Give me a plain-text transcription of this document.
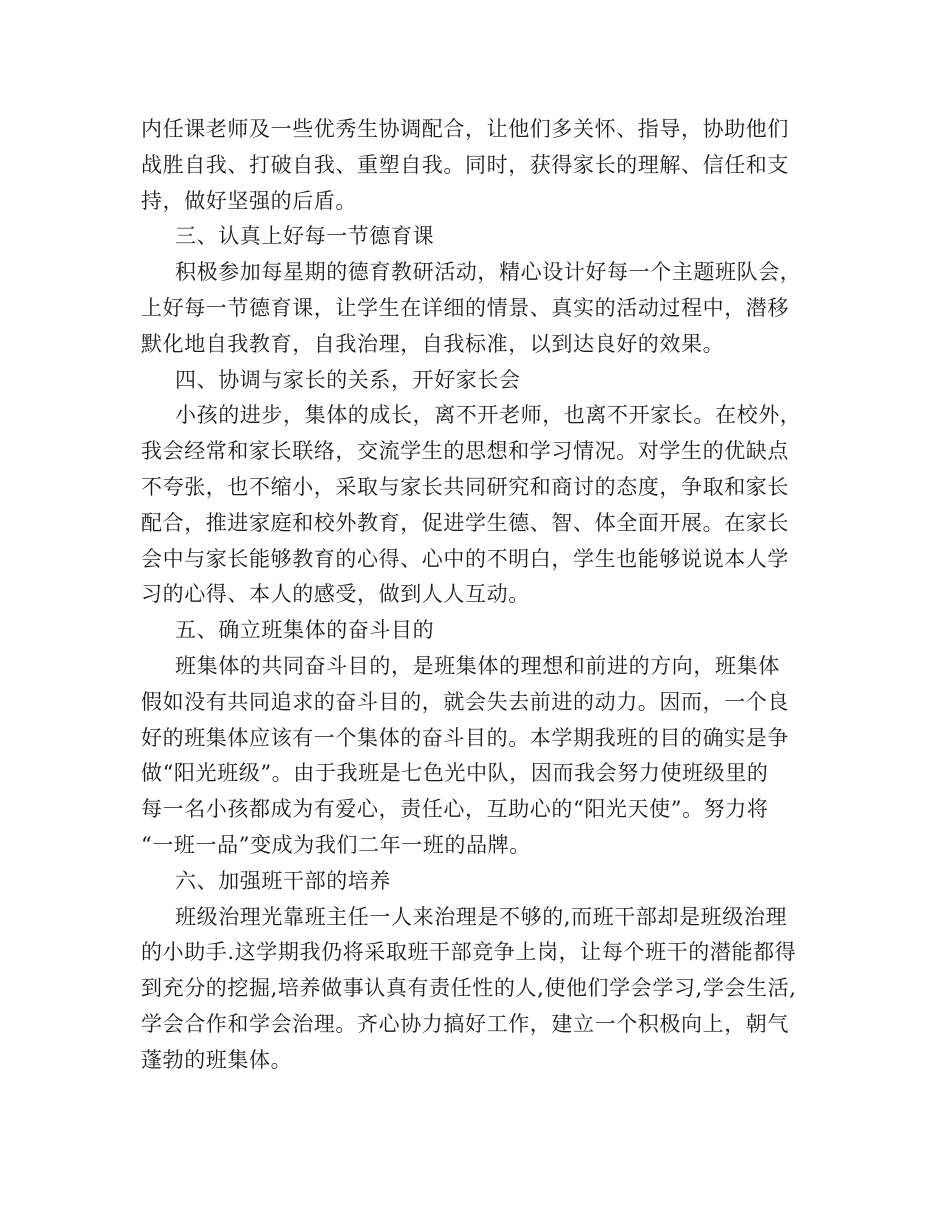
内任课老师及一些优秀生协调配合，让他们多关怀、指导，协助他们
战胜自我、打破自我、重塑自我。同时，获得家长的理解、信任和支
持，做好坚强的后盾。
三、认真上好每一节德育课
积极参加每星期的德育教研活动，精心设计好每一个主题班队会，
上好每一节德育课，让学生在详细的情景、真实的活动过程中，潜移
默化地自我教育，自我治理，自我标准，以到达良好的效果。
四、协调与家长的关系，开好家长会
小孩的进步，集体的成长，离不开老师，也离不开家长。在校外，
我会经常和家长联络，交流学生的思想和学习情况。对学生的优缺点
不夸张，也不缩小，采取与家长共同研究和商讨的态度，争取和家长
配合，推进家庭和校外教育，促进学生德、智、体全面开展。在家长
会中与家长能够教育的心得、心中的不明白，学生也能够说说本人学
习的心得、本人的感受，做到人人互动。
五、确立班集体的奋斗目的
班集体的共同奋斗目的，是班集体的理想和前进的方向，班集体
假如没有共同追求的奋斗目的，就会失去前进的动力。因而，一个良
好的班集体应该有一个集体的奋斗目的。本学期我班的目的确实是争
做“阳光班级”。由于我班是七色光中队，因而我会努力使班级里的
每一名小孩都成为有爱心，责任心，互助心的“阳光天使”。努力将
“一班一品”变成为我们二年一班的品牌。
六、加强班干部的培养
班级治理光靠班主任一人来治理是不够的,而班干部却是班级治理
的小助手.这学期我仍将采取班干部竞争上岗，让每个班干的潜能都得
到充分的挖掘,培养做事认真有责任性的人,使他们学会学习,学会生活,
学会合作和学会治理。齐心协力搞好工作，建立一个积极向上，朝气
蓬勃的班集体。
